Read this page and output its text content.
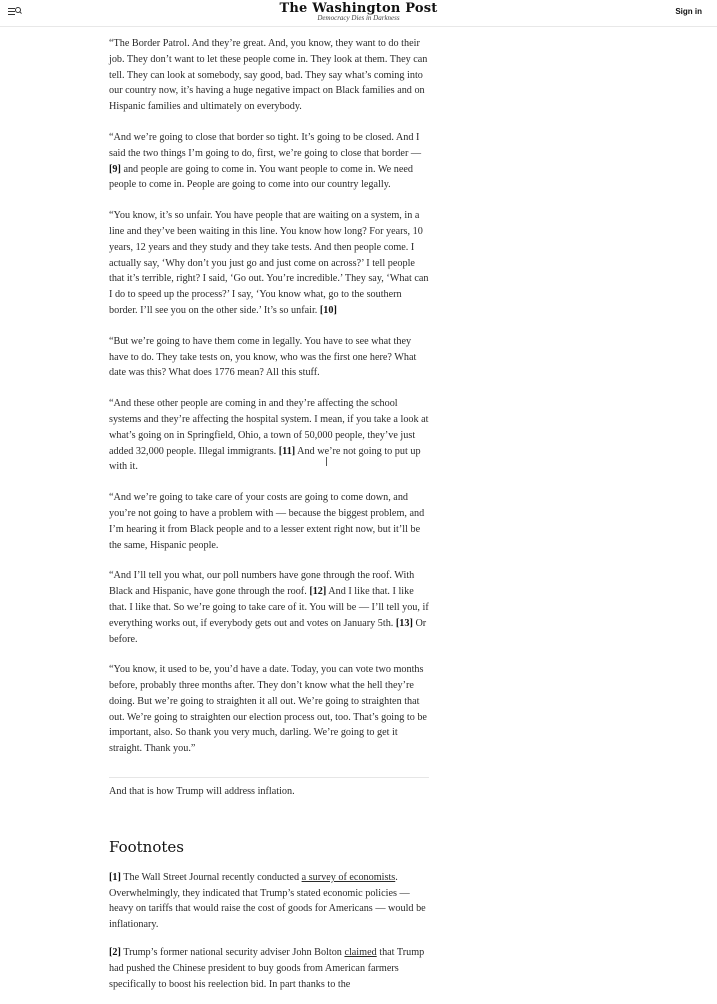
The Washington Post
Democracy Dies in Darkness
Sign in

“The Border Patrol. And they’re great. And, you know, they want to do their job. They don’t want to let these people come in. They look at them. They can tell. They can look at somebody, say good, bad. They say what’s coming into our country now, it’s having a huge negative impact on Black families and on Hispanic families and ultimately on everybody.

“And we’re going to close that border so tight. It’s going to be closed. And I said the two things I’m going to do, first, we’re going to close that border — [9] and people are going to come in. You want people to come in. We need people to come in. People are going to come into our country legally.

“You know, it’s so unfair. You have people that are waiting on a system, in a line and they’ve been waiting in this line. You know how long? For years, 10 years, 12 years and they study and they take tests. And then people come. I actually say, ‘Why don’t you just go and just come on across?’ I tell people that it’s terrible, right? I said, ‘Go out. You’re incredible.’ They say, ‘What can I do to speed up the process?’ I say, ‘You know what, go to the southern border. I’ll see you on the other side.’ It’s so unfair. [10]

“But we’re going to have them come in legally. You have to see what they have to do. They take tests on, you know, who was the first one here? What date was this? What does 1776 mean? All this stuff.

“And these other people are coming in and they’re affecting the school systems and they’re affecting the hospital system. I mean, if you take a look at what’s going on in Springfield, Ohio, a town of 50,000 people, they’ve just added 32,000 people. Illegal immigrants. [11] And we’re not going to put up with it.

“And we’re going to take care of your costs are going to come down, and you’re not going to have a problem with — because the biggest problem, and I’m hearing it from Black people and to a lesser extent right now, but it’ll be the same, Hispanic people.

“And I’ll tell you what, our poll numbers have gone through the roof. With Black and Hispanic, have gone through the roof. [12] And I like that. I like that. I like that. So we’re going to take care of it. You will be — I’ll tell you, if everything works out, if everybody gets out and votes on January 5th. [13] Or before.

“You know, it used to be, you’d have a date. Today, you can vote two months before, probably three months after. They don’t know what the hell they’re doing. But we’re going to straighten it all out. We’re going to straighten that out. We’re going to straighten our election process out, too. That’s going to be important, also. So thank you very much, darling. We’re going to get it straight. Thank you.”

And that is how Trump will address inflation.

Footnotes

[1] The Wall Street Journal recently conducted a survey of economists. Overwhelmingly, they indicated that Trump’s stated economic policies — heavy on tariffs that would raise the cost of goods for Americans — would be inflationary.

[2] Trump’s former national security adviser John Bolton claimed that Trump had pushed the Chinese president to buy goods from American farmers specifically to boost his reelection bid. In part thanks to the
